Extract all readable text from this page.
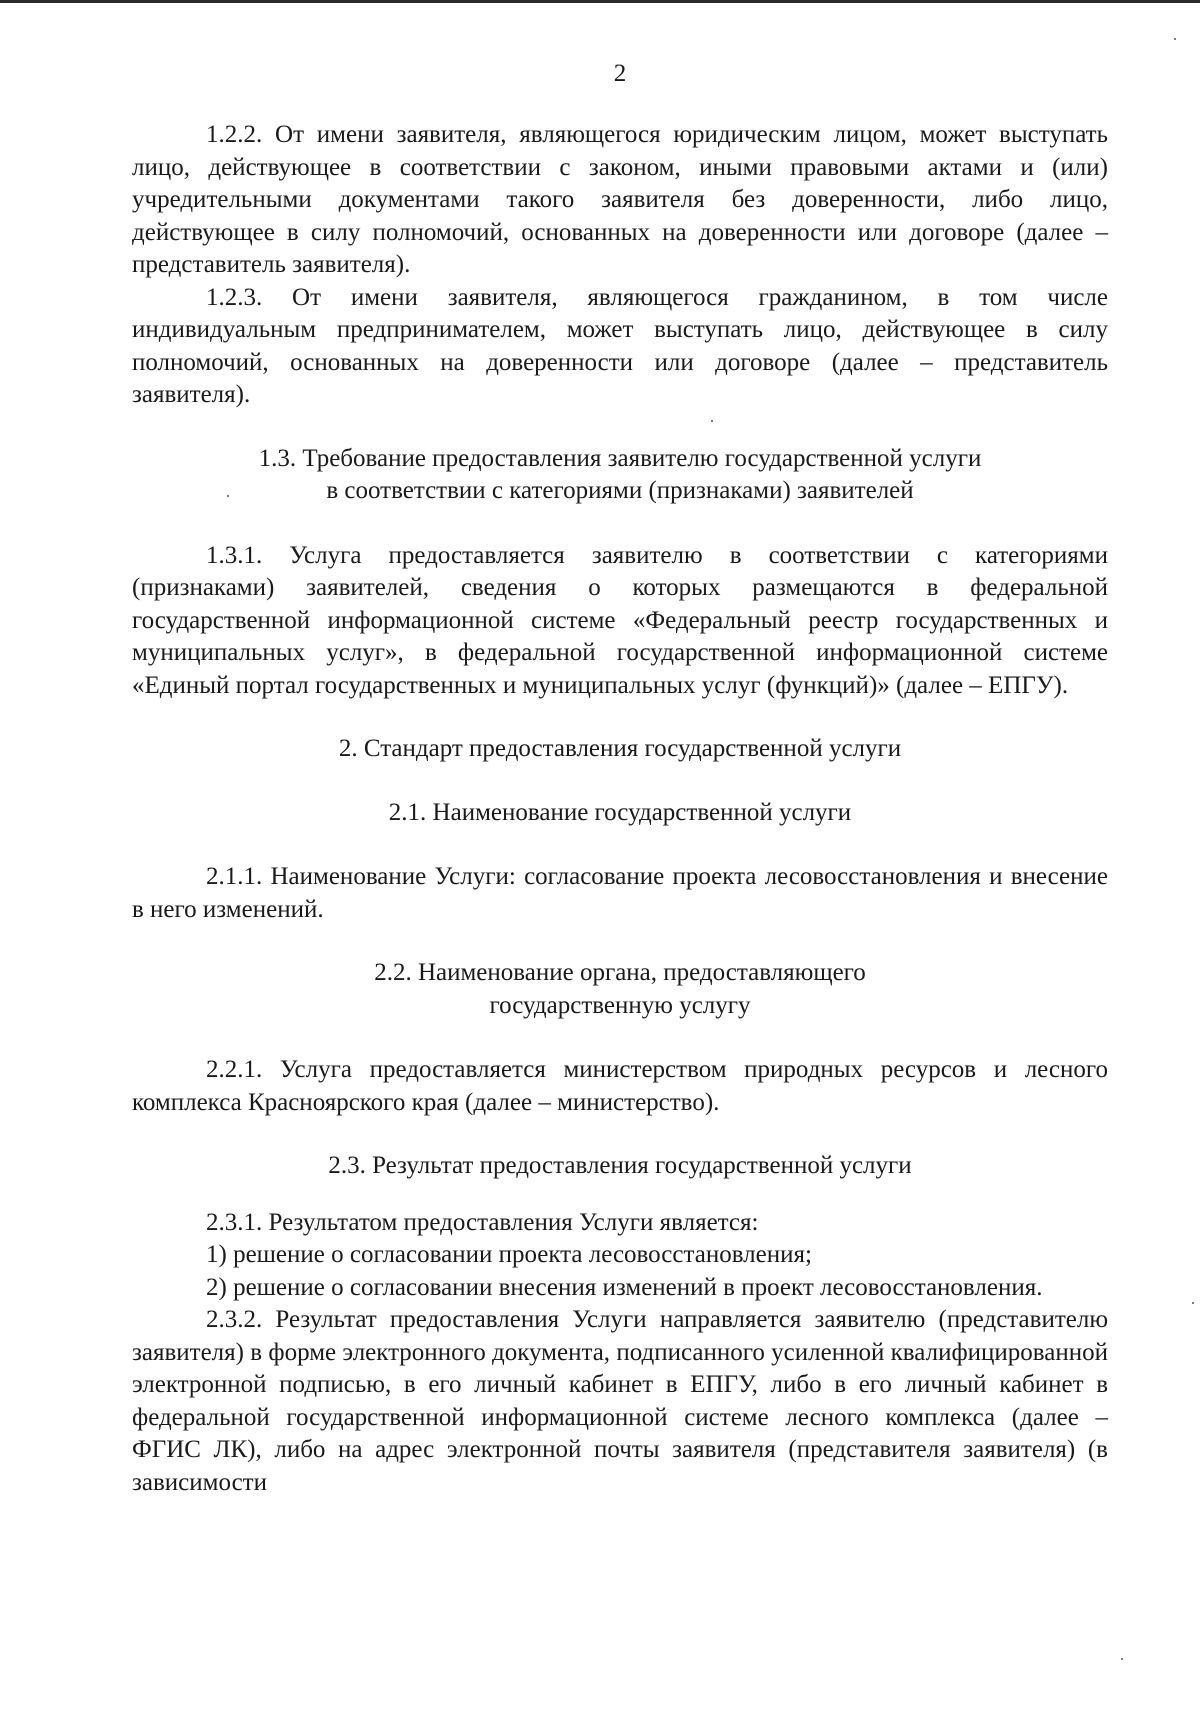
2

1.2.2. От имени заявителя, являющегося юридическим лицом, может выступать лицо, действующее в соответствии с законом, иными правовыми актами и (или) учредительными документами такого заявителя без доверенности, либо лицо, действующее в силу полномочий, основанных на доверенности или договоре (далее – представитель заявителя).

1.2.3. От имени заявителя, являющегося гражданином, в том числе индивидуальным предпринимателем, может выступать лицо, действующее в силу полномочий, основанных на доверенности или договоре (далее – представитель заявителя).

1.3. Требование предоставления заявителю государственной услуги

в соответствии с категориями (признаками) заявителей

1.3.1. Услуга предоставляется заявителю в соответствии с категориями (признаками) заявителей, сведения о которых размещаются в федеральной государственной информационной системе «Федеральный реестр государственных и муниципальных услуг», в федеральной государственной информационной системе «Единый портал государственных и муниципальных услуг (функций)» (далее – ЕПГУ).

2. Стандарт предоставления государственной услуги

2.1. Наименование государственной услуги

2.1.1. Наименование Услуги: согласование проекта лесовосстановления и внесение в него изменений.

2.2. Наименование органа, предоставляющего

государственную услугу

2.2.1. Услуга предоставляется министерством природных ресурсов и лесного комплекса Красноярского края (далее – министерство).

2.3. Результат предоставления государственной услуги

2.3.1. Результатом предоставления Услуги является:

1) решение о согласовании проекта лесовосстановления;

2) решение о согласовании внесения изменений в проект лесовосстановления.

2.3.2. Результат предоставления Услуги направляется заявителю (представителю заявителя) в форме электронного документа, подписанного усиленной квалифицированной электронной подписью, в его личный кабинет в ЕПГУ, либо в его личный кабинет в федеральной государственной информационной системе лесного комплекса (далее – ФГИС ЛК), либо на адрес электронной почты заявителя (представителя заявителя) (в зависимости
